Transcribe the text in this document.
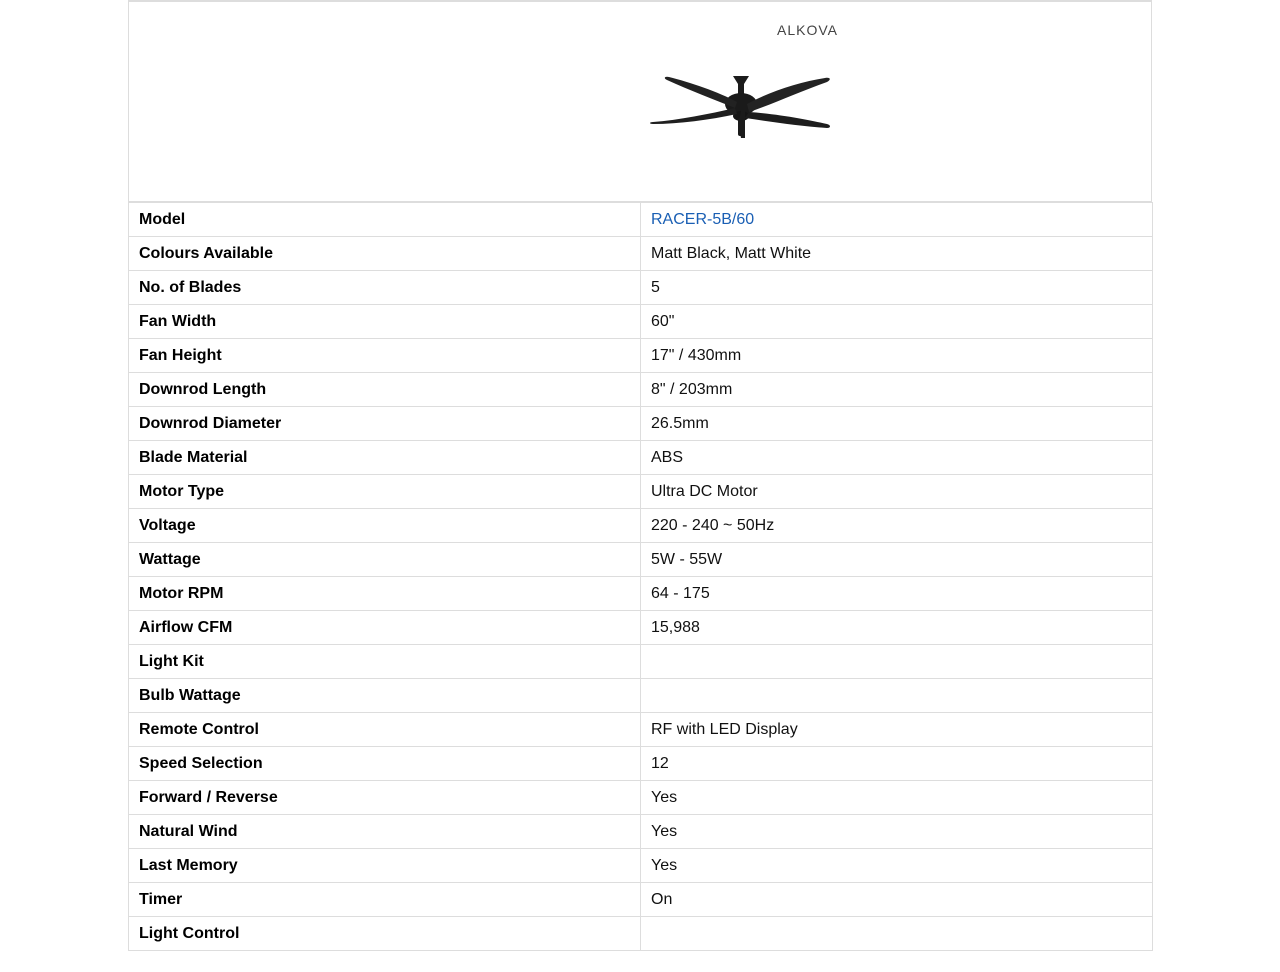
ALKOVA
Model	RACER-5B/60
Colours Available	Matt Black, Matt White
No. of Blades	5
Fan Width	60"
Fan Height	17" / 430mm
Downrod Length	8" / 203mm
Downrod Diameter	26.5mm
Blade Material	ABS
Motor Type	Ultra DC Motor
Voltage	220 - 240 ~ 50Hz
Wattage	5W - 55W
Motor RPM	64 - 175
Airflow CFM	15,988
Light Kit	
Bulb Wattage	
Remote Control	RF with LED Display
Speed Selection	12
Forward / Reverse	Yes
Natural Wind	Yes
Last Memory	Yes
Timer	On
Light Control	
